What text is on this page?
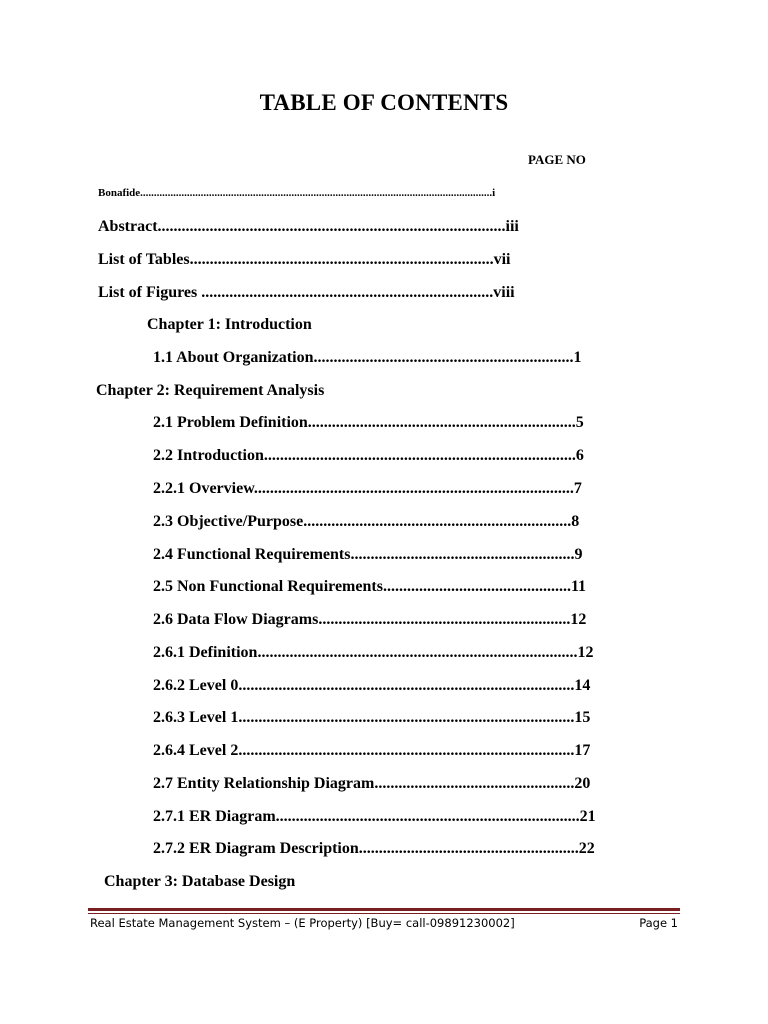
TABLE OF CONTENTS
PAGE NO
Bonafide................................................................................................................................i
Abstract.......................................................................................iii
List of Tables............................................................................vii
List of Figures .........................................................................viii
Chapter 1: Introduction
1.1 About Organization.................................................................1
Chapter 2: Requirement Analysis
2.1 Problem Definition...................................................................5
2.2 Introduction..............................................................................6
2.2.1 Overview................................................................................7
2.3 Objective/Purpose...................................................................8
2.4 Functional Requirements........................................................9
2.5 Non Functional Requirements...............................................11
2.6 Data Flow Diagrams...............................................................12
2.6.1 Definition................................................................................12
2.6.2 Level 0....................................................................................14
2.6.3 Level 1....................................................................................15
2.6.4 Level 2....................................................................................17
2.7 Entity Relationship Diagram..................................................20
2.7.1 ER Diagram............................................................................21
2.7.2 ER Diagram Description.......................................................22
Chapter 3: Database Design
Real Estate Management System – (E Property) [Buy= call-09891230002]	Page 1
